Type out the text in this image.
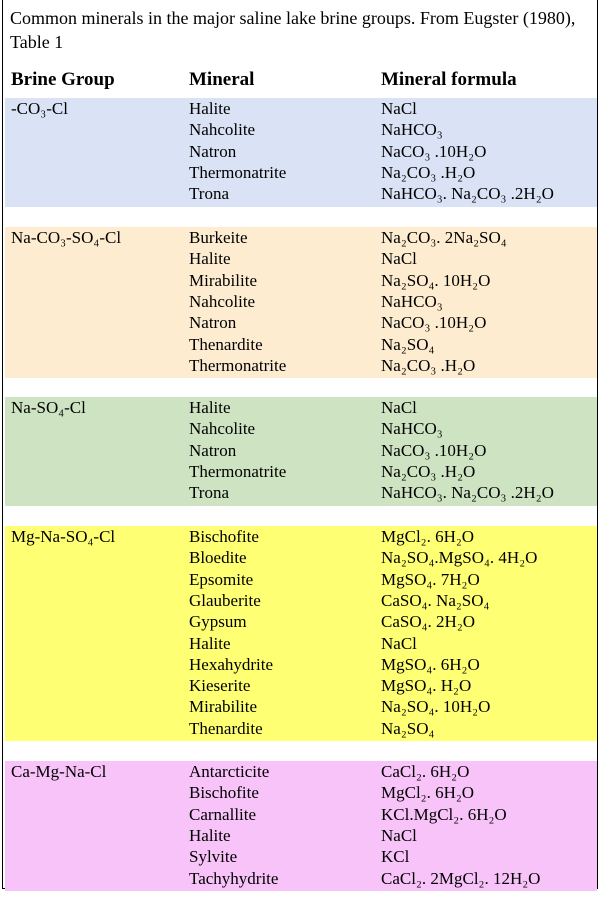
Common minerals in the major saline lake brine groups. From Eugster (1980), Table 1
Brine Group	Mineral	Mineral formula
-CO₃-Cl	Halite	NaCl
Nahcolite	NaHCO₃
Natron	NaCO₃ .10H₂O
Thermonatrite	Na₂CO₃ .H₂O
Trona	NaHCO₃. Na₂CO₃ .2H₂O
Na-CO₃-SO₄-Cl	Burkeite	Na₂CO₃. 2Na₂SO₄
Halite	NaCl
Mirabilite	Na₂SO₄. 10H₂O
Nahcolite	NaHCO₃
Natron	NaCO₃ .10H₂O
Thenardite	Na₂SO₄
Thermonatrite	Na₂CO₃ .H₂O
Na-SO₄-Cl	Halite	NaCl
Nahcolite	NaHCO₃
Natron	NaCO₃ .10H₂O
Thermonatrite	Na₂CO₃ .H₂O
Trona	NaHCO₃. Na₂CO₃ .2H₂O
Mg-Na-SO₄-Cl	Bischofite	MgCl₂. 6H₂O
Bloedite	Na₂SO₄.MgSO₄. 4H₂O
Epsomite	MgSO₄. 7H₂O
Glauberite	CaSO₄. Na₂SO₄
Gypsum	CaSO₄. 2H₂O
Halite	NaCl
Hexahydrite	MgSO₄. 6H₂O
Kieserite	MgSO₄. H₂O
Mirabilite	Na₂SO₄. 10H₂O
Thenardite	Na₂SO₄
Ca-Mg-Na-Cl	Antarcticite	CaCl₂. 6H₂O
Bischofite	MgCl₂. 6H₂O
Carnallite	KCl.MgCl₂. 6H₂O
Halite	NaCl
Sylvite	KCl
Tachyhydrite	CaCl₂. 2MgCl₂. 12H₂O
